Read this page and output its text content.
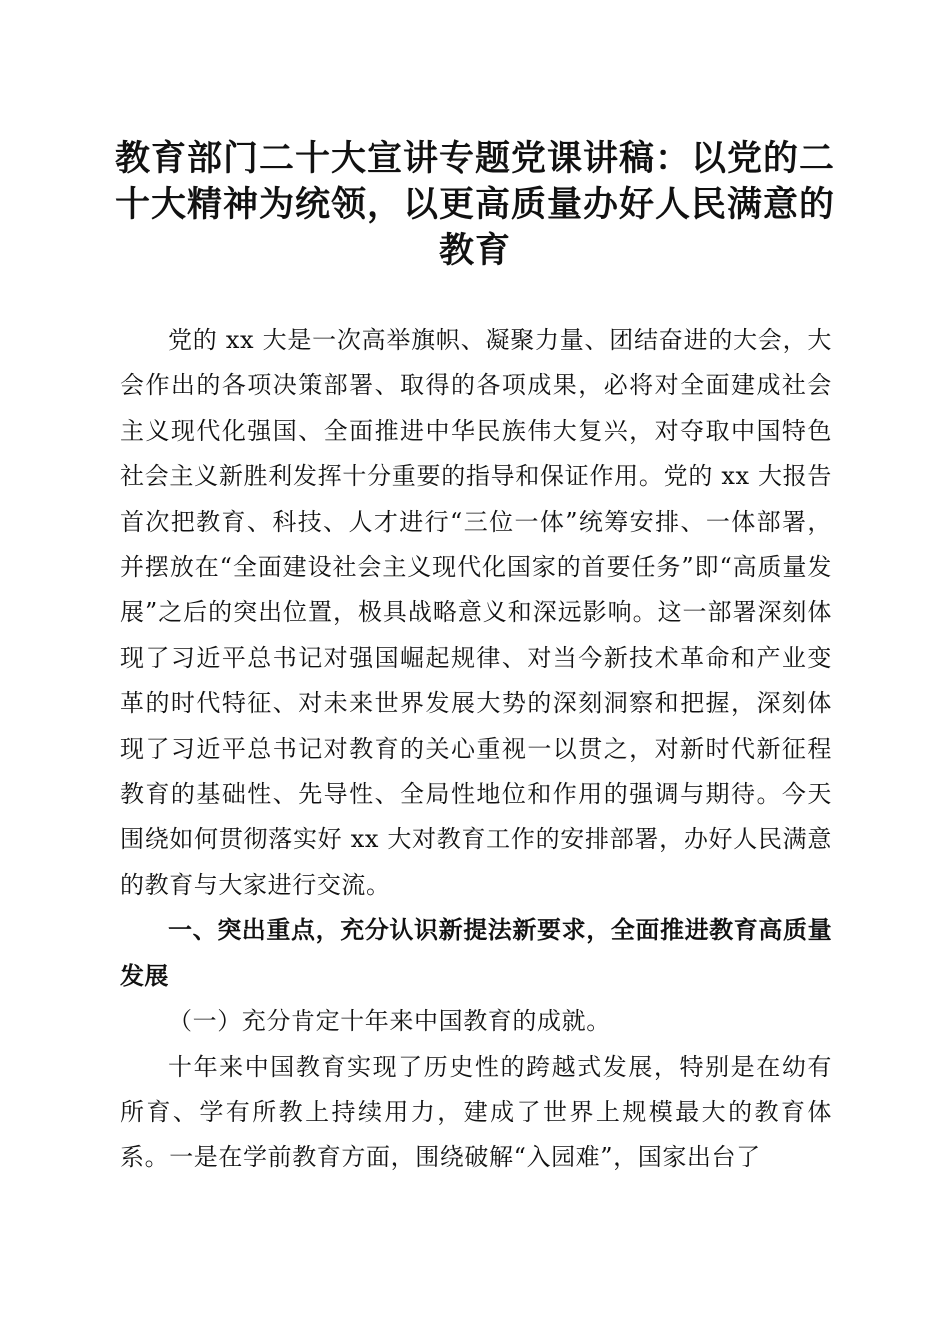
教育部门二十大宣讲专题党课讲稿：以党的二十大精神为统领，以更高质量办好人民满意的教育

党的 xx 大是一次高举旗帜、凝聚力量、团结奋进的大会，大会作出的各项决策部署、取得的各项成果，必将对全面建成社会主义现代化强国、全面推进中华民族伟大复兴，对夺取中国特色社会主义新胜利发挥十分重要的指导和保证作用。党的 xx 大报告首次把教育、科技、人才进行“三位一体”统筹安排、一体部署，并摆放在“全面建设社会主义现代化国家的首要任务”即“高质量发展”之后的突出位置，极具战略意义和深远影响。这一部署深刻体现了习近平总书记对强国崛起规律、对当今新技术革命和产业变革的时代特征、对未来世界发展大势的深刻洞察和把握，深刻体现了习近平总书记对教育的关心重视一以贯之，对新时代新征程教育的基础性、先导性、全局性地位和作用的强调与期待。今天围绕如何贯彻落实好 xx 大对教育工作的安排部署，办好人民满意的教育与大家进行交流。

一、突出重点，充分认识新提法新要求，全面推进教育高质量发展

（一）充分肯定十年来中国教育的成就。

十年来中国教育实现了历史性的跨越式发展，特别是在幼有所育、学有所教上持续用力，建成了世界上规模最大的教育体系。一是在学前教育方面，围绕破解“入园难”，国家出台了
